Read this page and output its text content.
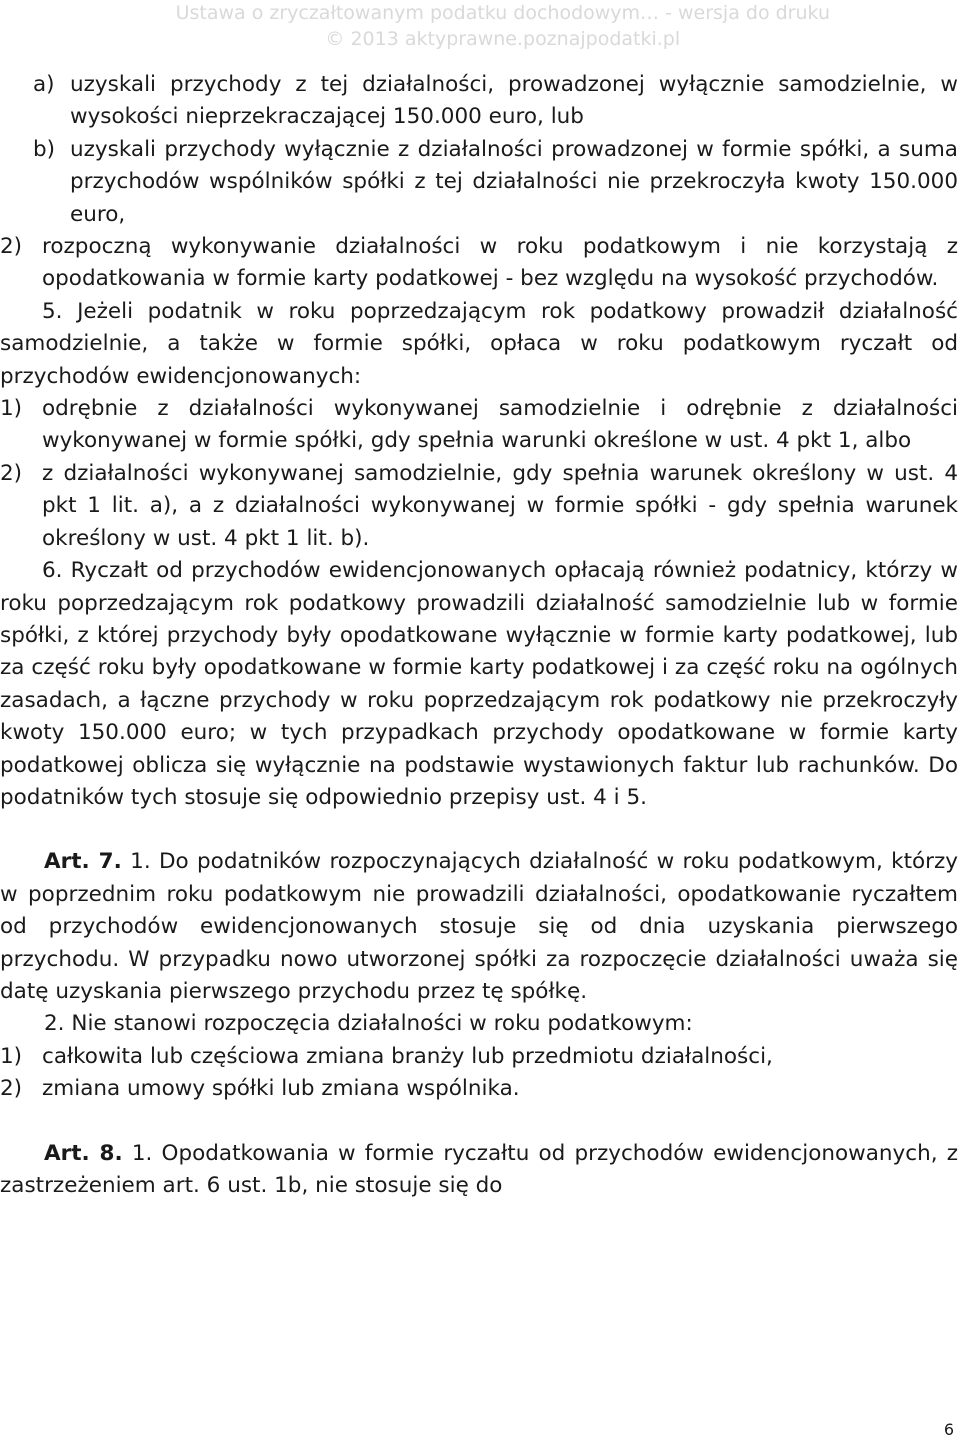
Ustawa o zryczałtowanym podatku dochodowym… - wersja do druku
© 2013 aktyprawne.poznajpodatki.pl

a) uzyskali przychody z tej działalności, prowadzonej wyłącznie samodzielnie, w wysokości nieprzekraczającej 150.000 euro, lub

b) uzyskali przychody wyłącznie z działalności prowadzonej w formie spółki, a suma przychodów wspólników spółki z tej działalności nie przekroczyła kwoty 150.000 euro,

2) rozpoczną wykonywanie działalności w roku podatkowym i nie korzystają z opodatkowania w formie karty podatkowej - bez względu na wysokość przychodów.

5. Jeżeli podatnik w roku poprzedzającym rok podatkowy prowadził działalność samodzielnie, a także w formie spółki, opłaca w roku podatkowym ryczałt od przychodów ewidencjonowanych:

1) odrębnie z działalności wykonywanej samodzielnie i odrębnie z działalności wykonywanej w formie spółki, gdy spełnia warunki określone w ust. 4 pkt 1, albo

2) z działalności wykonywanej samodzielnie, gdy spełnia warunek określony w ust. 4 pkt 1 lit. a), a z działalności wykonywanej w formie spółki - gdy spełnia warunek określony w ust. 4 pkt 1 lit. b).

6. Ryczałt od przychodów ewidencjonowanych opłacają również podatnicy, którzy w roku poprzedzającym rok podatkowy prowadzili działalność samodzielnie lub w formie spółki, z której przychody były opodatkowane wyłącznie w formie karty podatkowej, lub za część roku były opodatkowane w formie karty podatkowej i za część roku na ogólnych zasadach, a łączne przychody w roku poprzedzającym rok podatkowy nie przekroczyły kwoty 150.000 euro; w tych przypadkach przychody opodatkowane w formie karty podatkowej oblicza się wyłącznie na podstawie wystawionych faktur lub rachunków. Do podatników tych stosuje się odpowiednio przepisy ust. 4 i 5.

Art. 7. 1. Do podatników rozpoczynających działalność w roku podatkowym, którzy w poprzednim roku podatkowym nie prowadzili działalności, opodatkowanie ryczałtem od przychodów ewidencjonowanych stosuje się od dnia uzyskania pierwszego przychodu. W przypadku nowo utworzonej spółki za rozpoczęcie działalności uważa się datę uzyskania pierwszego przychodu przez tę spółkę.

2. Nie stanowi rozpoczęcia działalności w roku podatkowym:

1) całkowita lub częściowa zmiana branży lub przedmiotu działalności,

2) zmiana umowy spółki lub zmiana wspólnika.

Art. 8. 1. Opodatkowania w formie ryczałtu od przychodów ewidencjonowanych, z zastrzeżeniem art. 6 ust. 1b, nie stosuje się do

6
